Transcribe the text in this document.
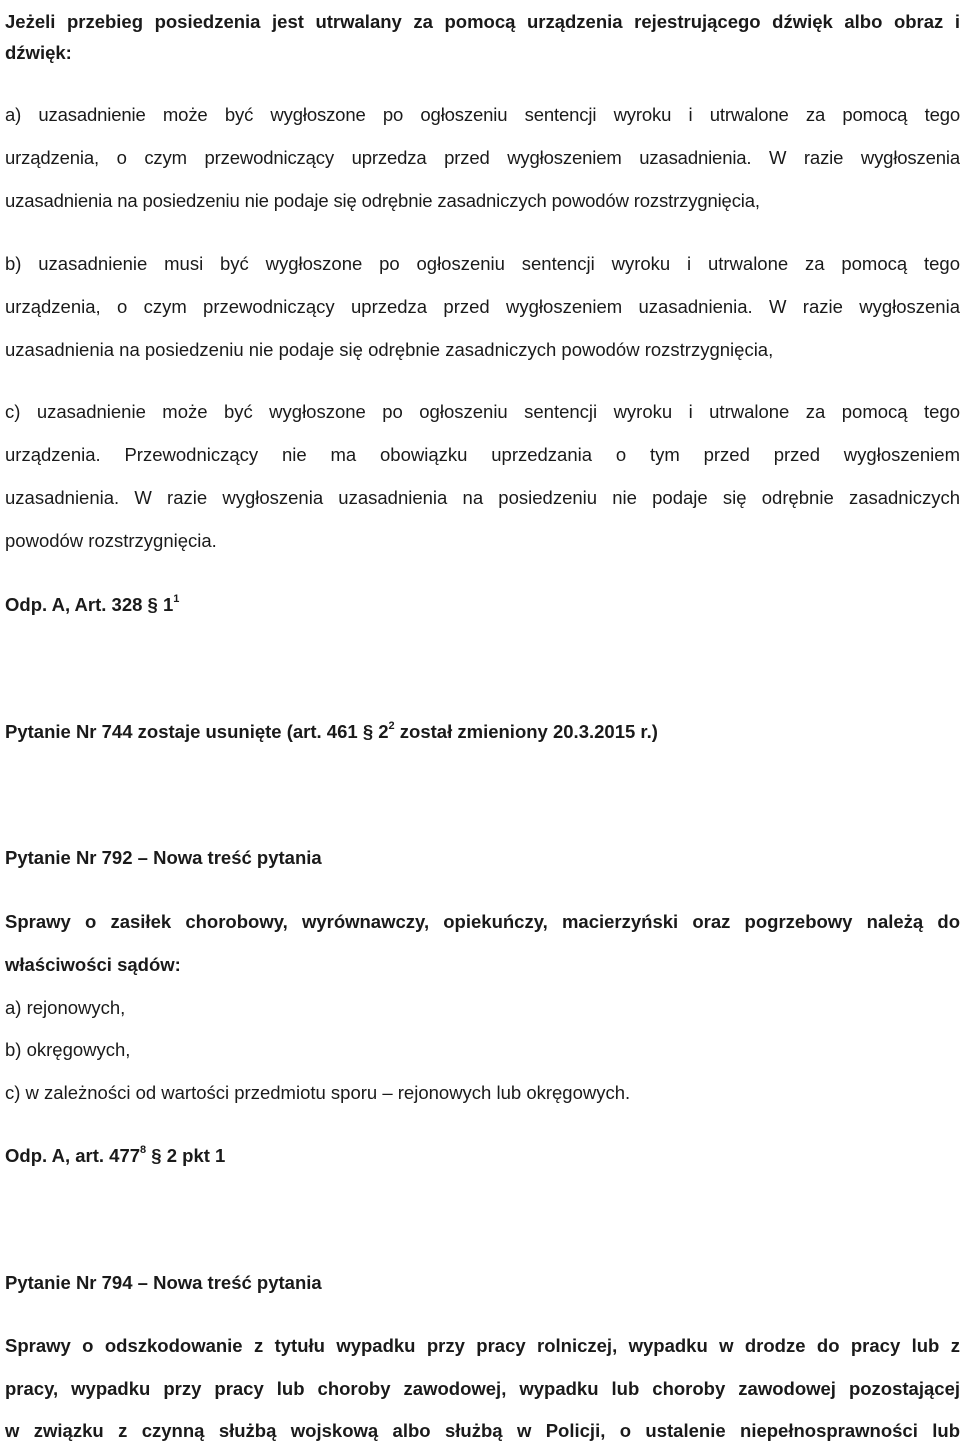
Jeżeli przebieg posiedzenia jest utrwalany za pomocą urządzenia rejestrującego dźwięk albo obraz i
dźwięk:
a) uzasadnienie może być wygłoszone po ogłoszeniu sentencji wyroku i utrwalone za pomocą tego
urządzenia, o czym przewodniczący uprzedza przed wygłoszeniem uzasadnienia. W razie wygłoszenia
uzasadnienia na posiedzeniu nie podaje się odrębnie zasadniczych powodów rozstrzygnięcia,
b) uzasadnienie musi być wygłoszone po ogłoszeniu sentencji wyroku i utrwalone za pomocą tego
urządzenia, o czym przewodniczący uprzedza przed wygłoszeniem uzasadnienia. W razie wygłoszenia
uzasadnienia na posiedzeniu nie podaje się odrębnie zasadniczych powodów rozstrzygnięcia,
c) uzasadnienie może być wygłoszone po ogłoszeniu sentencji wyroku i utrwalone za pomocą tego
urządzenia. Przewodniczący nie ma obowiązku uprzedzania o tym przed przed wygłoszeniem
uzasadnienia. W razie wygłoszenia uzasadnienia na posiedzeniu nie podaje się odrębnie zasadniczych
powodów rozstrzygnięcia.
Odp. A, Art. 328 § $1^1$
Pytanie Nr 744 zostaje usunięte (art. 461 § $2^2$ został zmieniony 20.3.2015 r.)
Pytanie Nr 792 – Nowa treść pytania
Sprawy o zasiłek chorobowy, wyrównawczy, opiekuńczy, macierzyński oraz pogrzebowy należą do
właściwości sądów:
a) rejonowych,
b) okręgowych,
c) w zależności od wartości przedmiotu sporu – rejonowych lub okręgowych.
Odp. A, art. $477^8$ § 2 pkt 1
Pytanie Nr 794 – Nowa treść pytania
Sprawy o odszkodowanie z tytułu wypadku przy pracy rolniczej, wypadku w drodze do pracy lub z
pracy, wypadku przy pracy lub choroby zawodowej, wypadku lub choroby zawodowej pozostającej
w związku z czynną służbą wojskową albo służbą w Policji, o ustalenie niepełnosprawności lub
